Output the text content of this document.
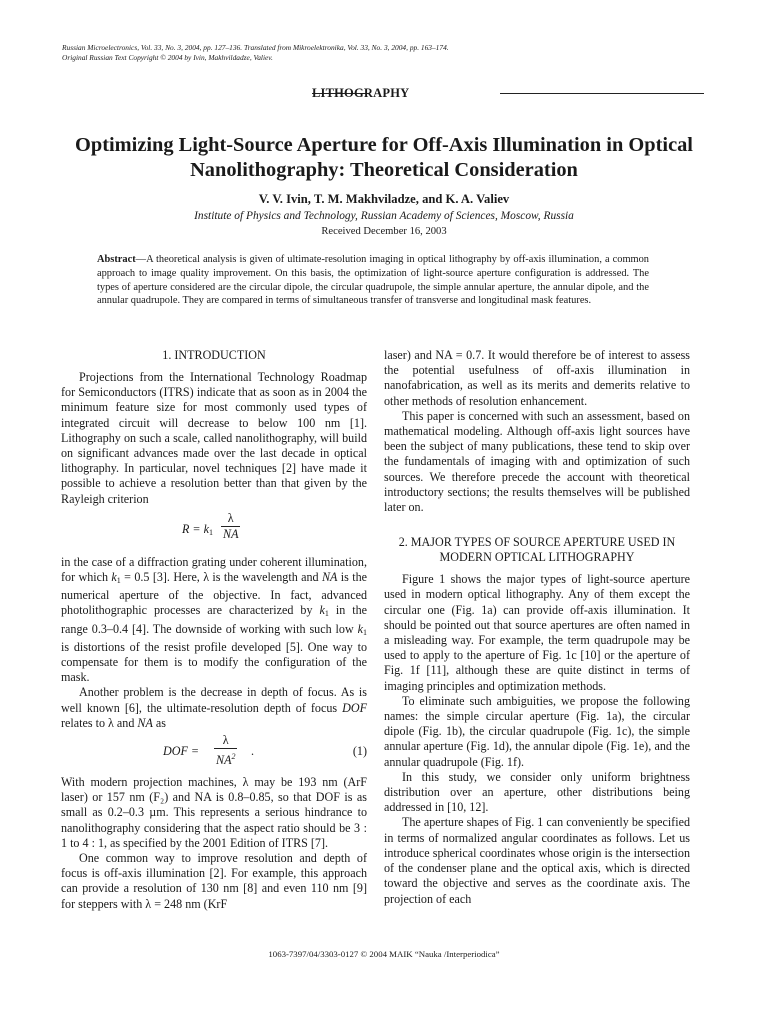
Russian Microelectronics, Vol. 33, No. 3, 2004, pp. 127–136. Translated from Mikroelektronika, Vol. 33, No. 3, 2004, pp. 163–174.
Original Russian Text Copyright © 2004 by Ivin, Makhvildadze, Valiev.
LITHOGRAPHY
Optimizing Light-Source Aperture for Off-Axis Illumination in Optical Nanolithography: Theoretical Consideration
V. V. Ivin, T. M. Makhviladze, and K. A. Valiev
Institute of Physics and Technology, Russian Academy of Sciences, Moscow, Russia
Received December 16, 2003
Abstract—A theoretical analysis is given of ultimate-resolution imaging in optical lithography by off-axis illumination, a common approach to image quality improvement. On this basis, the optimization of light-source aperture configuration is addressed. The types of aperture considered are the circular dipole, the circular quadrupole, the simple annular aperture, the annular dipole, and the annular quadrupole. They are compared in terms of simultaneous transfer of transverse and longitudinal mask features.
1. INTRODUCTION

Projections from the International Technology Roadmap for Semiconductors (ITRS) indicate that as soon as in 2004 the minimum feature size for most commonly used types of integrated circuit will decrease to below 100 nm [1]. Lithography on such a scale, called nanolithography, will build on significant advances made over the last decade in optical lithography. In particular, novel techniques [2] have made it possible to achieve a resolution better than that given by the Rayleigh criterion

$R = k_1 \frac{\lambda}{NA}$

in the case of a diffraction grating under coherent illumination, for which $k_1 = 0.5$ [3]. Here, λ is the wavelength and NA is the numerical aperture of the objective. In fact, advanced photolithographic processes are characterized by $k_1$ in the range 0.3–0.4 [4]. The downside of working with such low $k_1$ is distortions of the resist profile developed [5]. One way to compensate for them is to modify the configuration of the mask.

Another problem is the decrease in depth of focus. As is well known [6], the ultimate-resolution depth of focus DOF relates to λ and NA as

DOF = $\frac{\lambda}{NA^2}$ .	(1)

With modern projection machines, λ may be 193 nm (ArF laser) or 157 nm (F₂) and NA is 0.8–0.85, so that DOF is as small as 0.2–0.3 µm. This represents a serious hindrance to nanolithography considering that the aspect ratio should be 3 : 1 to 4 : 1, as specified by the 2001 Edition of ITRS [7].

One common way to improve resolution and depth of focus is off-axis illumination [2]. For example, this approach can provide a resolution of 130 nm [8] and even 110 nm [9] for steppers with λ = 248 nm (KrF

laser) and NA = 0.7. It would therefore be of interest to assess the potential usefulness of off-axis illumination in nanofabrication, as well as its merits and demerits relative to other methods of resolution enhancement.

This paper is concerned with such an assessment, based on mathematical modeling. Although off-axis light sources have been the subject of many publications, these tend to skip over the fundamentals of imaging with and optimization of such sources. We therefore precede the account with theoretical introductory sections; the results themselves will be published later on.

2. MAJOR TYPES OF SOURCE APERTURE USED IN MODERN OPTICAL LITHOGRAPHY

Figure 1 shows the major types of light-source aperture used in modern optical lithography. Any of them except the circular one (Fig. 1a) can provide off-axis illumination. It should be pointed out that source apertures are often named in a misleading way. For example, the term quadrupole may be used to apply to the aperture of Fig. 1c [10] or the aperture of Fig. 1f [11], although these are quite distinct in terms of imaging principles and optimization methods.

To eliminate such ambiguities, we propose the following names: the simple circular aperture (Fig. 1a), the circular dipole (Fig. 1b), the circular quadrupole (Fig. 1c), the simple annular aperture (Fig. 1d), the annular dipole (Fig. 1e), and the annular quadrupole (Fig. 1f).

In this study, we consider only uniform brightness distribution over an aperture, other distributions being addressed in [10, 12].

The aperture shapes of Fig. 1 can conveniently be specified in terms of normalized angular coordinates as follows. Let us introduce spherical coordinates whose origin is the intersection of the condenser plane and the optical axis, which is directed toward the objective and serves as the coordinate axis. The projection of each

1063-7397/04/3303-0127 © 2004 MAIK “Nauka /Interperiodica”
